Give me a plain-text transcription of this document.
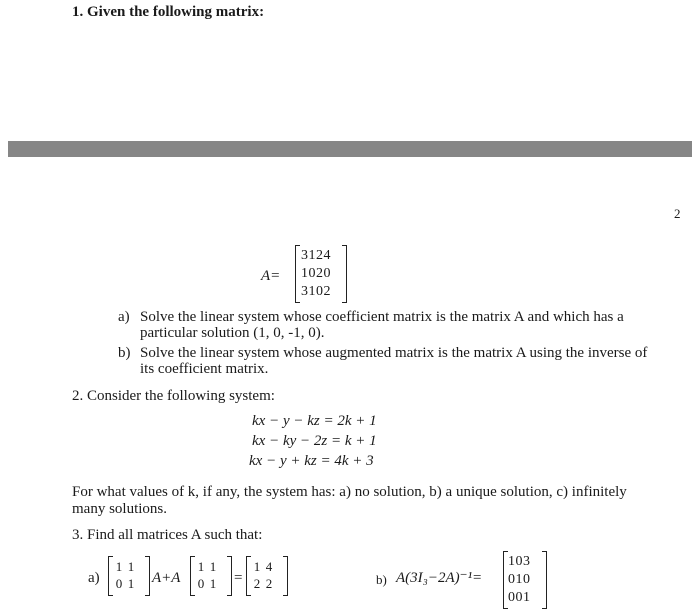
1. Given the following matrix:
2
A=
3124
1020
3102
a) Solve the linear system whose coefficient matrix is the matrix A and which has a
particular solution (1, 0, -1, 0).
b) Solve the linear system whose augmented matrix is the matrix A using the inverse of
its coefficient matrix.
2. Consider the following system:
kx − y − kz = 2k + 1
kx − ky − 2z = k + 1
kx − y + kz = 4k + 3
For what values of k, if any, the system has: a) no solution, b) a unique solution, c) infinitely
many solutions.
3. Find all matrices A such that:
a)
1 1
0 1 A+A
1 1
0 1 =
1 4
2 2	b) A(3I₃−2A)⁻¹=
103
010
001
